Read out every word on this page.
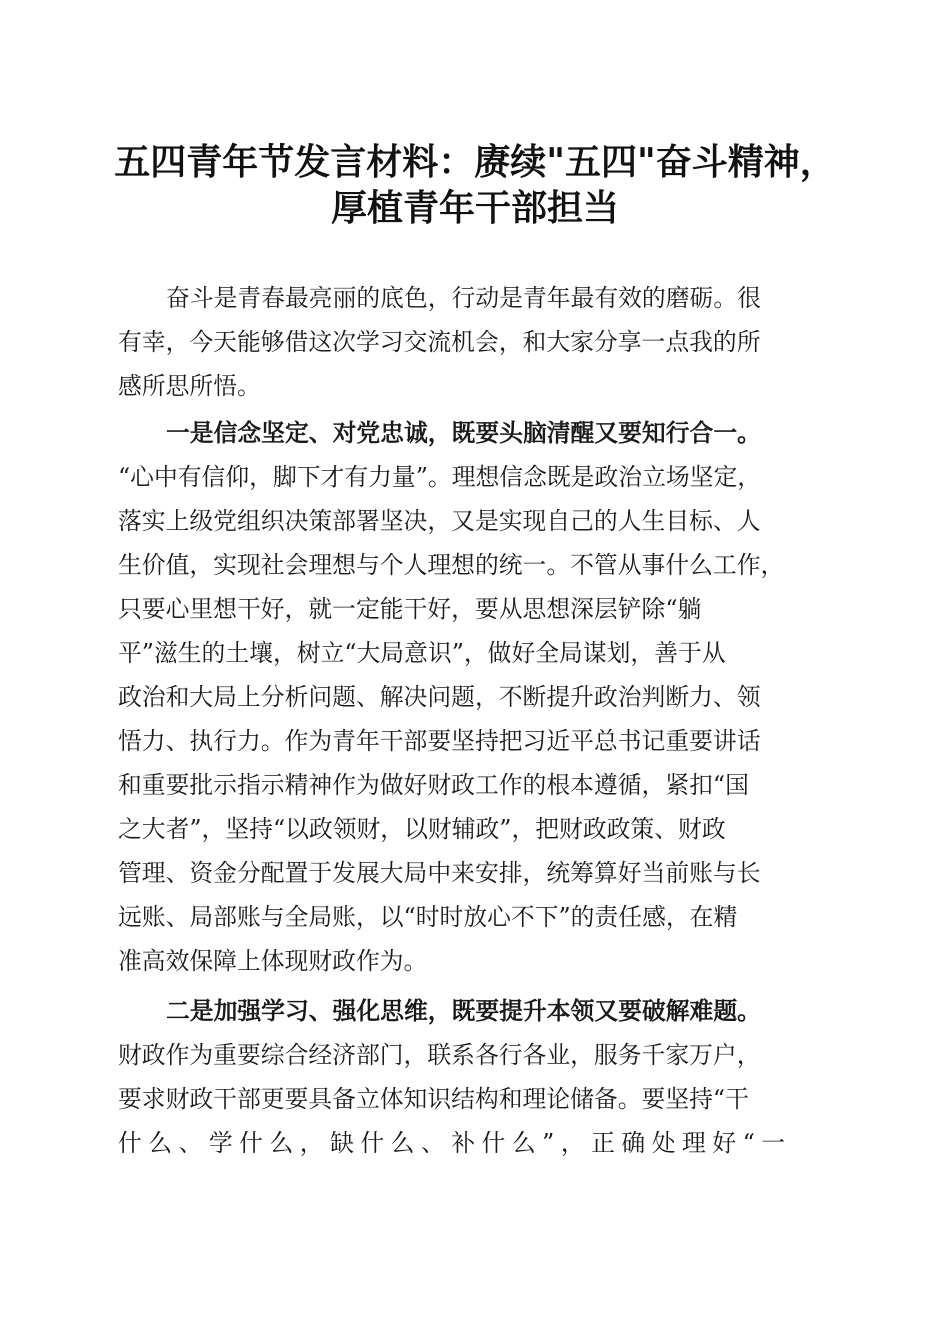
五四青年节发言材料：赓续"五四"奋斗精神，
厚植青年干部担当
奋斗是青春最亮丽的底色，行动是青年最有效的磨砺。很
有幸，今天能够借这次学习交流机会，和大家分享一点我的所
感所思所悟。
一是信念坚定、对党忠诚，既要头脑清醒又要知行合一。
“心中有信仰，脚下才有力量”。理想信念既是政治立场坚定，
落实上级党组织决策部署坚决，又是实现自己的人生目标、人
生价值，实现社会理想与个人理想的统一。不管从事什么工作，
只要心里想干好，就一定能干好，要从思想深层铲除“躺
平”滋生的土壤，树立“大局意识”，做好全局谋划，善于从
政治和大局上分析问题、解决问题，不断提升政治判断力、领
悟力、执行力。作为青年干部要坚持把习近平总书记重要讲话
和重要批示指示精神作为做好财政工作的根本遵循，紧扣“国
之大者”，坚持“以政领财，以财辅政”，把财政政策、财政
管理、资金分配置于发展大局中来安排，统筹算好当前账与长
远账、局部账与全局账，以“时时放心不下”的责任感，在精
准高效保障上体现财政作为。
二是加强学习、强化思维，既要提升本领又要破解难题。
财政作为重要综合经济部门，联系各行各业，服务千家万户，
要求财政干部更要具备立体知识结构和理论储备。要坚持“干
什么、学什么，缺什么、补什么”，正确处理好“一
